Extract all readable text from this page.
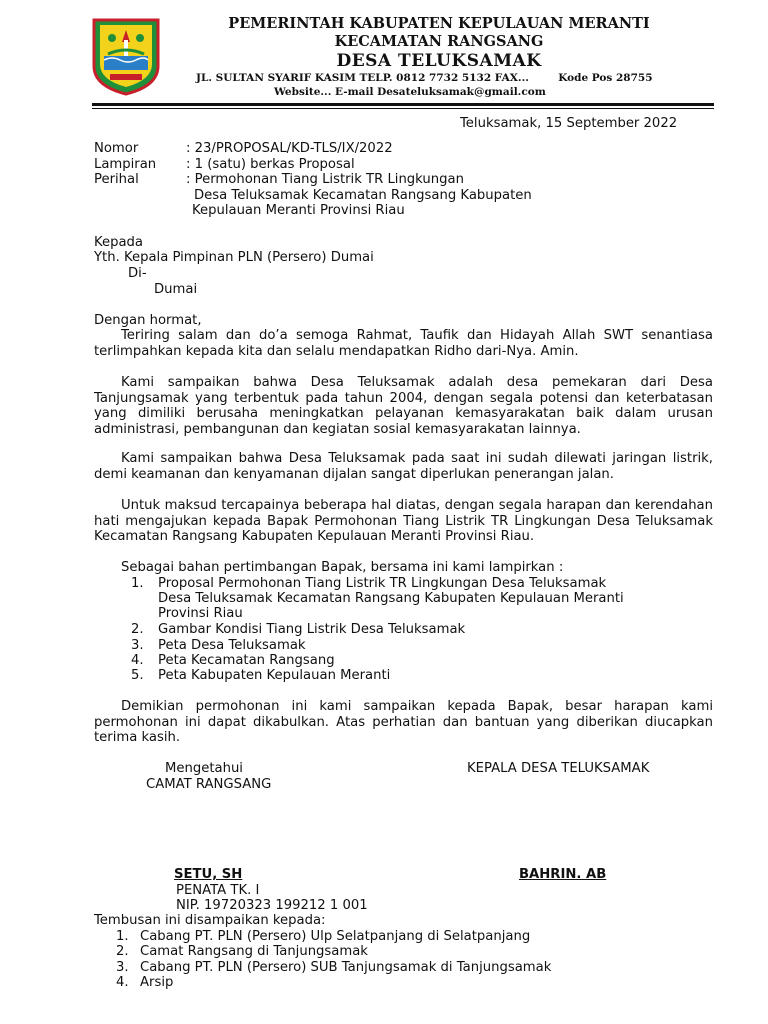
PEMERINTAH KABUPATEN KEPULAUAN MERANTI
KECAMATAN RANGSANG
DESA TELUKSAMAK
JL. SULTAN SYARIF KASIM TELP. 0812 7732 5132 FAX...	Kode Pos 28755
Website... E-mail Desateluksamak@gmail.com
Teluksamak, 15 September 2022
Nomor	: 23/PROPOSAL/KD-TLS/IX/2022
Lampiran : 1 (satu) berkas Proposal
Perihal	: Permohonan Tiang Listrik TR Lingkungan
Desa Teluksamak Kecamatan Rangsang Kabupaten
Kepulauan Meranti Provinsi Riau
Kepada
Yth. Kepala Pimpinan PLN (Persero) Dumai
Di-
Dumai
Dengan hormat,
Teriring salam dan do’a semoga Rahmat, Taufik dan Hidayah Allah SWT senantiasa terlimpahkan kepada kita dan selalu mendapatkan Ridho dari-Nya. Amin.
Kami sampaikan bahwa Desa Teluksamak adalah desa pemekaran dari Desa Tanjungsamak yang terbentuk pada tahun 2004, dengan segala potensi dan keterbatasan yang dimiliki berusaha meningkatkan pelayanan kemasyarakatan baik dalam urusan administrasi, pembangunan dan kegiatan sosial kemasyarakatan lainnya.
Kami sampaikan bahwa Desa Teluksamak pada saat ini sudah dilewati jaringan listrik, demi keamanan dan kenyamanan dijalan sangat diperlukan penerangan jalan.
Untuk maksud tercapainya beberapa hal diatas, dengan segala harapan dan kerendahan hati mengajukan kepada Bapak Permohonan Tiang Listrik TR Lingkungan Desa Teluksamak Kecamatan Rangsang Kabupaten Kepulauan Meranti Provinsi Riau.
Sebagai bahan pertimbangan Bapak, bersama ini kami lampirkan :
1. Proposal Permohonan Tiang Listrik TR Lingkungan Desa Teluksamak
Desa Teluksamak Kecamatan Rangsang Kabupaten Kepulauan Meranti
Provinsi Riau
2. Gambar Kondisi Tiang Listrik Desa Teluksamak
3. Peta Desa Teluksamak
4. Peta Kecamatan Rangsang
5. Peta Kabupaten Kepulauan Meranti
Demikian permohonan ini kami sampaikan kepada Bapak, besar harapan kami permohonan ini dapat dikabulkan. Atas perhatian dan bantuan yang diberikan diucapkan terima kasih.
Mengetahui
CAMAT RANGSANG
KEPALA DESA TELUKSAMAK
SETU, SH	BAHRIN. AB
PENATA TK. I
NIP. 19720323 199212 1 001
Tembusan ini disampaikan kepada:
1. Cabang PT. PLN (Persero) Ulp Selatpanjang di Selatpanjang
2. Camat Rangsang di Tanjungsamak
3. Cabang PT. PLN (Persero) SUB Tanjungsamak di Tanjungsamak
4. Arsip
